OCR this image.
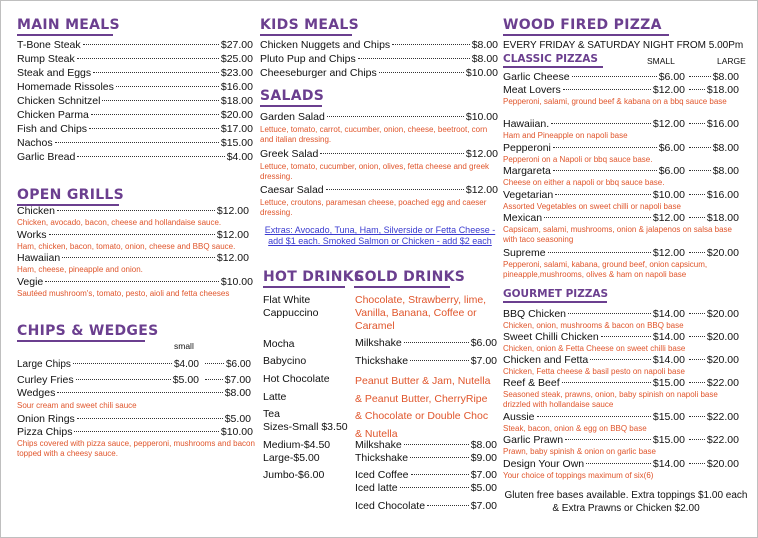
MAIN MEALS
T-Bone Steak	$27.00
Rump Steak	$25.00
Steak and Eggs	$23.00
Homemade Rissoles	$16.00
Chicken Schnitzel	$18.00
Chicken Parma	$20.00
Fish and Chips	$17.00
Nachos	$15.00
Garlic Bread	$4.00
OPEN GRILLS
Chicken	$12.00
Chicken, avocado, bacon, cheese and hollandaise sauce.
Works	$12.00
Ham, chicken, bacon, tomato, onion, cheese and BBQ sauce.
Hawaiian	$12.00
Ham, cheese, pineapple and onion.
Vegie	$10.00
Sautéed mushroom's, tomato, pesto, aioli and fetta cheeses
CHIPS & WEDGES
small
Large Chips	$4.00	$6.00
Curley Fries	$5.00 $7.00
Wedges	$8.00
Sour cream and sweet chili sauce
Onion Rings	$5.00
Pizza Chips	$10.00
Chips covered with pizza sauce, pepperoni, mushrooms and bacon topped with a cheesy sauce.
KIDS MEALS
Chicken Nuggets and Chips	$8.00
Pluto Pup and Chips	$8.00
Cheeseburger and Chips	$10.00
SALADS
Garden Salad	$10.00
Lettuce, tomato, carrot, cucumber, onion, cheese, beetroot, corn and italian dressing.
Greek Salad	$12.00
Lettuce, tomato, cucumber, onion, olives, fetta cheese and greek dressing.
Caesar Salad	$12.00
Lettuce, croutons, paramesan cheese, poached egg and caeser dressing.
Extras: Avocado, Tuna, Ham, Silverside or Fetta Cheese - add $1 each. Smoked Salmon or Chicken - add $2 each
HOT DRINKS
COLD DRINKS
Flat White
Cappuccino
Mocha
Babycino
Hot Chocolate
Latte
Tea
Sizes-Small $3.50
Medium-$4.50
Large-$5.00
Jumbo-$6.00
Chocolate, Strawberry, lime, Vanilla, Banana, Coffee or Caramel
Milkshake	$6.00
Thickshake	$7.00
Peanut Butter & Jam, Nutella & Peanut Butter, CherryRipe & Chocolate or Double Choc & Nutella
Milkshake	$8.00
Thickshake	$9.00
Iced Coffee	$7.00
Iced latte	$5.00
Iced Chocolate	$7.00
WOOD FIRED PIZZA
EVERY FRIDAY & SATURDAY NIGHT FROM 5.00Pm
CLASSIC PIZZAS	SMALL	LARGE
GOURMET PIZZAS
Gluten free bases available. Extra toppings $1.00 each & Extra Prawns or Chicken $2.00
Garlic Cheese	$6.00	$8.00
Meat Lovers	$12.00 $18.00
Pepperoni, salami, ground beef & kabana on a bbq sauce base
Hawaiian.	$12.00 $16.00
Ham and Pineapple on napoli base
Pepperoni	$6.00	$8.00
Pepperoni on a Napoli or bbq sauce base.
Margareta	$6.00	$8.00
Cheese on either a napoli or bbq sauce base.
Vegetarian	$10.00 $16.00
Assorted Vegetables on sweet chilli or napoli base
Mexican	$12.00 $18.00
Capsicam, salami, mushrooms, onion & jalapenos on salsa base with taco seasoning
Supreme	$12.00 $20.00
Pepperoni, salami, kabana, ground beef, onion capsicum, pineapple,mushrooms, olives & ham on napoli base
BBQ Chicken	$14.00 $20.00
Chicken, onion, mushrooms & bacon on BBQ base
Sweet Chilli Chicken	$14.00 $20.00
Chicken, onion & Fetta Cheese on sweet chilli base
Chicken and Fetta	$14.00 $20.00
Chicken, Fetta cheese & basil pesto on napoli base
Reef & Beef	$15.00 $22.00
Seasoned steak, prawns, onion, baby spinish on napoli base drizzled with hollandaise sauce
Aussie	$15.00 $22.00
Steak, bacon, onion & egg on BBQ base
Garlic Prawn	$15.00 $22.00
Prawn, baby spinish & onion on garlic base
Design Your Own	$14.00 $20.00
Your choice of toppings maximum of six(6)
